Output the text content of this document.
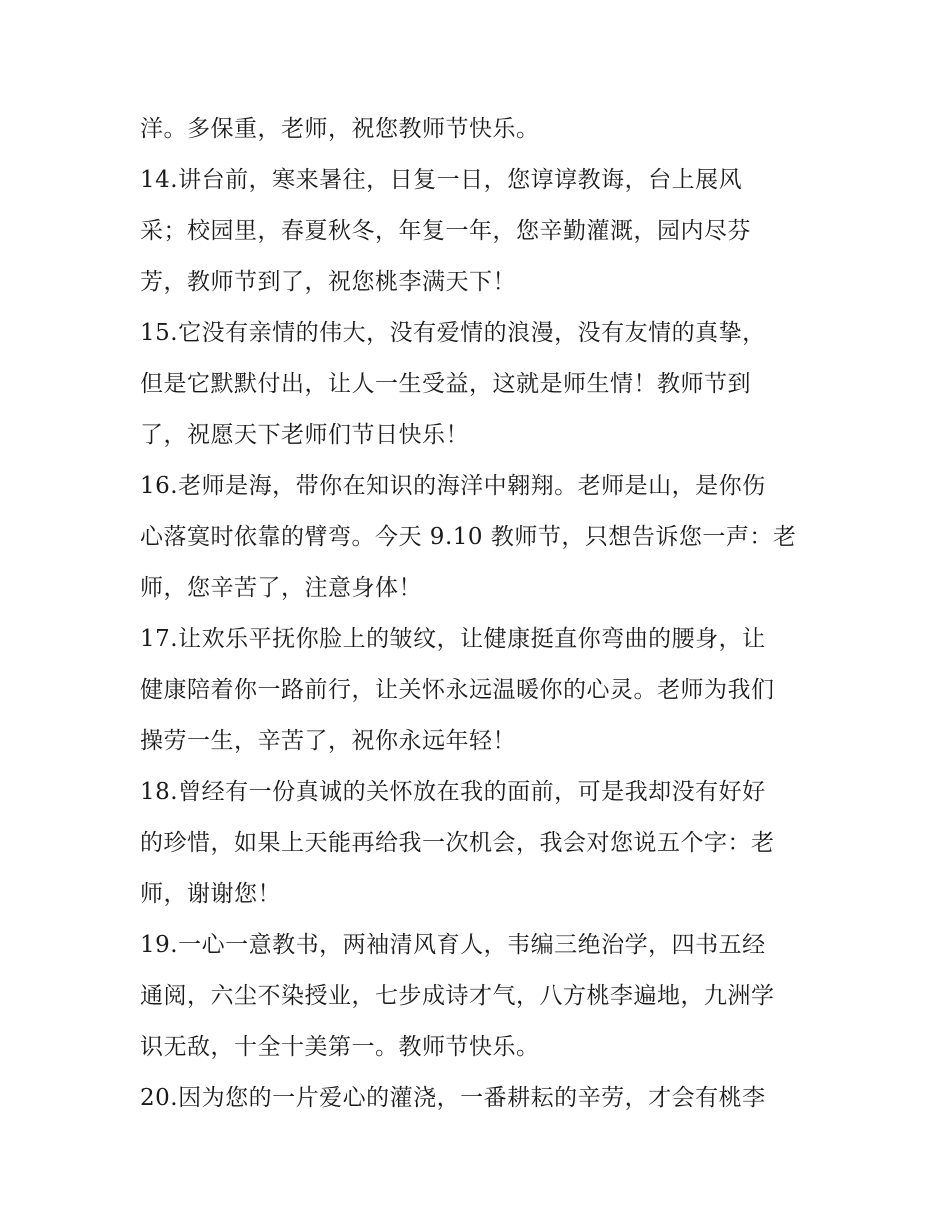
洋。多保重，老师，祝您教师节快乐。
14.讲台前，寒来暑往，日复一日，您谆谆教诲，台上展风
采；校园里，春夏秋冬，年复一年，您辛勤灌溉，园内尽芬
芳，教师节到了，祝您桃李满天下！
15.它没有亲情的伟大，没有爱情的浪漫，没有友情的真挚，
但是它默默付出，让人一生受益，这就是师生情！教师节到
了，祝愿天下老师们节日快乐！
16.老师是海，带你在知识的海洋中翱翔。老师是山，是你伤
心落寞时依靠的臂弯。今天 9.10 教师节，只想告诉您一声：老
师，您辛苦了，注意身体！
17.让欢乐平抚你脸上的皱纹，让健康挺直你弯曲的腰身，让
健康陪着你一路前行，让关怀永远温暖你的心灵。老师为我们
操劳一生，辛苦了，祝你永远年轻！
18.曾经有一份真诚的关怀放在我的面前，可是我却没有好好
的珍惜，如果上天能再给我一次机会，我会对您说五个字：老
师，谢谢您！
19.一心一意教书，两袖清风育人，韦编三绝治学，四书五经
通阅，六尘不染授业，七步成诗才气，八方桃李遍地，九洲学
识无敌，十全十美第一。教师节快乐。
20.因为您的一片爱心的灌浇，一番耕耘的辛劳，才会有桃李
